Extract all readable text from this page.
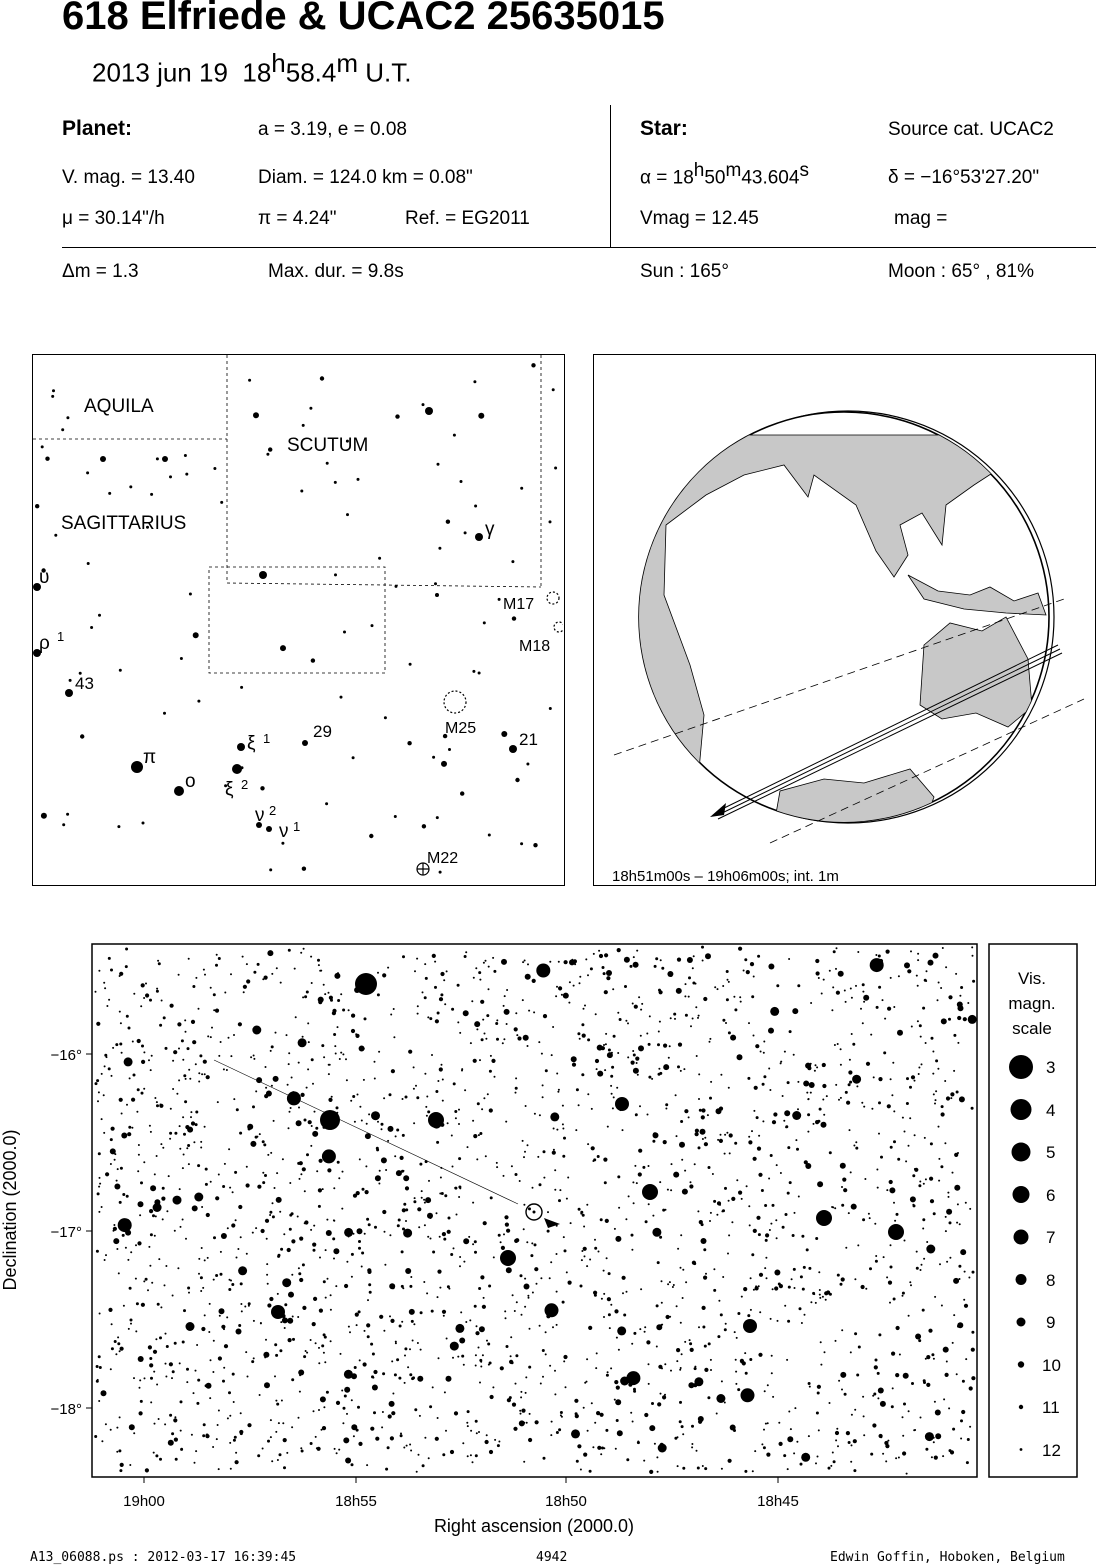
618 Elfriede & UCAC2 25635015
2013 jun 19 18$^h$58.4$^m$ U.T.
Planet:	a = 3.19, e = 0.08
V. mag. = 13.40	Diam. = 124.0 km = 0.08"
μ = 30.14"/h	π = 4.24"	Ref. = EG2011
Star:	Source cat. UCAC2
$\alpha = 18^h50^m43.604^s$	δ = −16°53'27.20"
Vmag = 12.45	mag =
Δm = 1.3	Max. dur. = 9.8s	Sun : 165°	Moon : 65° , 81%
AQUILA
SCUTUM
SAGITTARIUS	γ
υ
ρ 1
43
29
ξ 1
π
o ξ 2
ν 2
ν 1
21
M17
M18
M25
M22
18h51m00s – 19h06m00s; int. 1m
−16°
−17°
−18°
19h00	18h55	18h50	18h45
Right ascension (2000.0)
Declination (2000.0)
Vis.
magn.
scale
3
4
5
6
7
8
9
10
11
12
A13_06088.ps : 2012-03-17 16:39:45	4942	Edwin Goffin, Hoboken, Belgium
